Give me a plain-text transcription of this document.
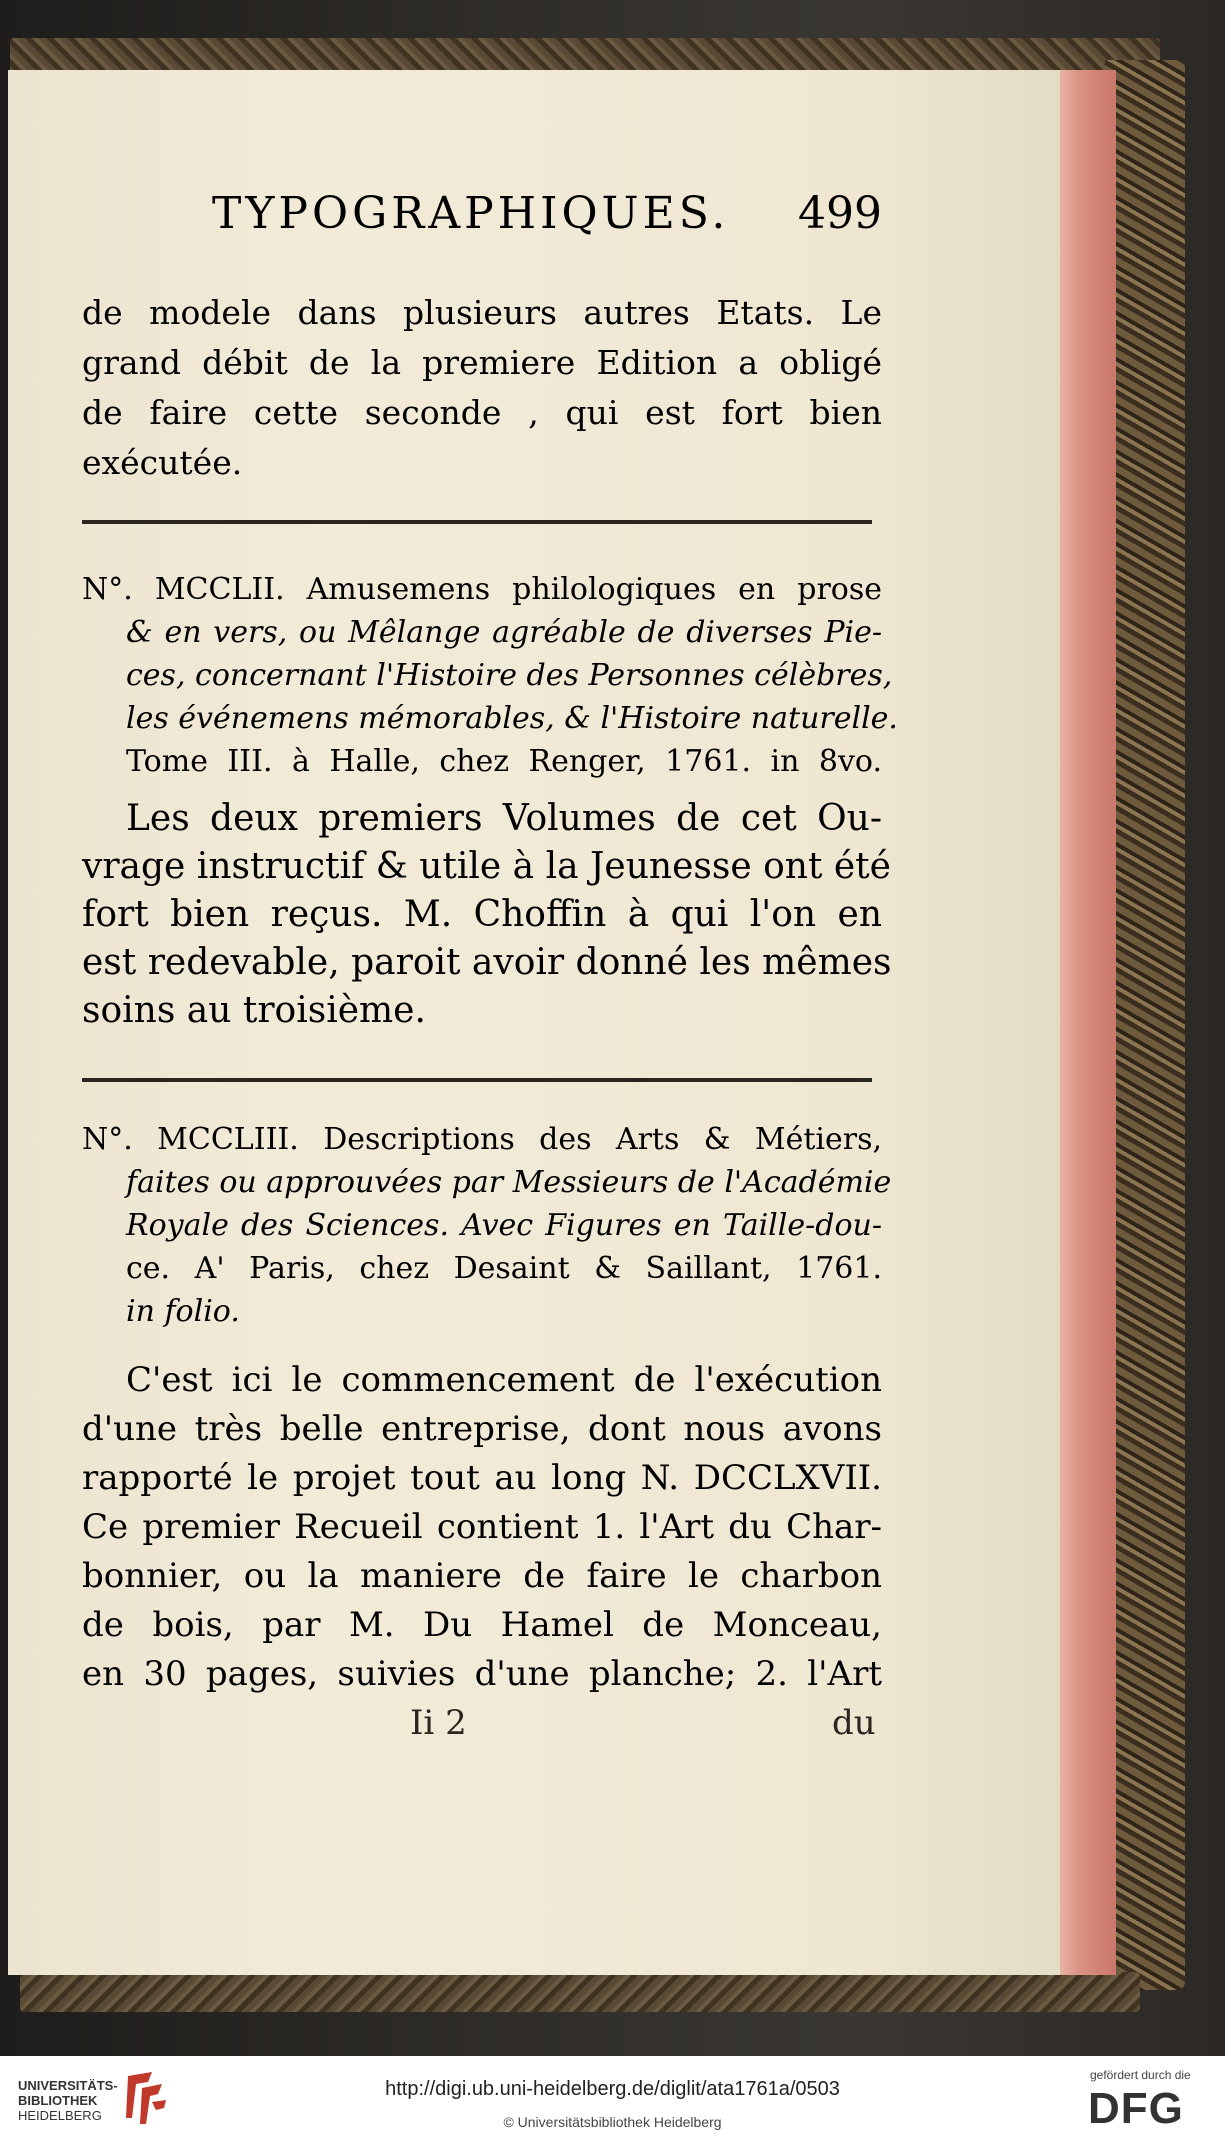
TYPOGRAPHIQUES. 499
de modele dans plusieurs autres Etats. Le
grand débit de la premiere Edition a obligé
de faire cette seconde , qui est fort bien
exécutée.
N°. MCCLII. Amusemens philologiques en prose
& en vers, ou Mêlange agréable de diverses Pie-
ces, concernant l'Histoire des Personnes célèbres,
les événemens mémorables, & l'Histoire naturelle.
Tome III. à Halle, chez Renger, 1761. in 8vo.
Les deux premiers Volumes de cet Ou-
vrage instructif & utile à la Jeunesse ont été
fort bien reçus. M. Choffin à qui l'on en
est redevable, paroit avoir donné les mêmes
soins au troisième.
N°. MCCLIII. Descriptions des Arts & Métiers,
faites ou approuvées par Messieurs de l'Académie
Royale des Sciences. Avec Figures en Taille-dou-
ce. A' Paris, chez Desaint & Saillant, 1761.
in folio.
C'est ici le commencement de l'exécution
d'une très belle entreprise, dont nous avons
rapporté le projet tout au long N. DCCLXVII.
Ce premier Recueil contient 1. l'Art du Char-
bonnier, ou la maniere de faire le charbon
de bois, par M. Du Hamel de Monceau,
en 30 pages, suivies d'une planche; 2. l'Art
Ii 2	du
UNIVERSITÄTS-
BIBLIOTHEK
HEIDELBERG
http://digi.ub.uni-heidelberg.de/diglit/ata1761a/0503
© Universitätsbibliothek Heidelberg
gefördert durch die
DFG
